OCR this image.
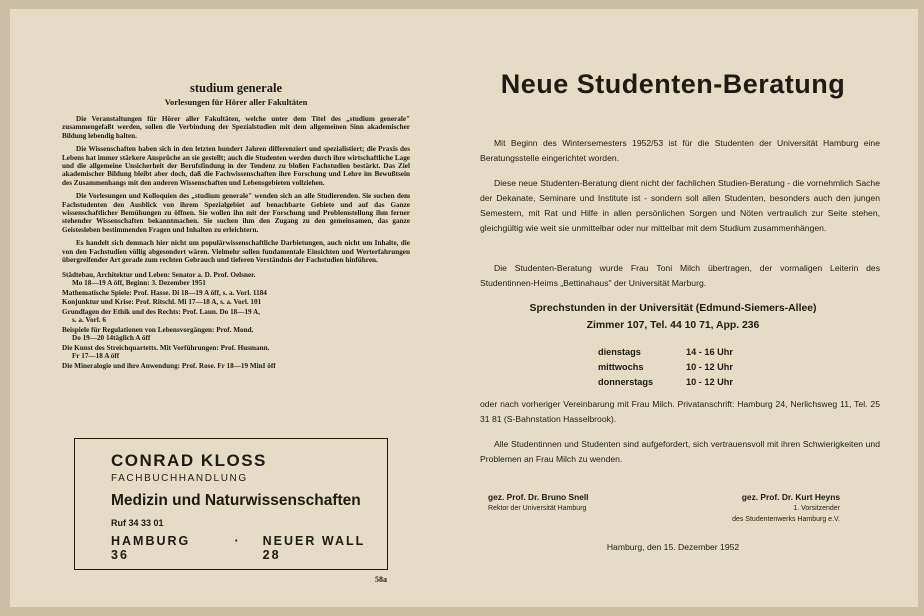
studium generale

Vorlesungen für Hörer aller Fakultäten

Die Veranstaltungen für Hörer aller Fakultäten, welche unter dem Titel des „studium generale" zusammengefaßt werden, sollen die Verbindung der Spezialstudien mit dem allgemeinen Sinn akademischer Bildung lebendig halten.

Die Wissenschaften haben sich in den letzten hundert Jahren differenziert und spezialistiert; die Praxis des Lebens hat immer stärkere Ansprüche an sie gestellt; auch die Studenten werden durch ihre wirtschaftliche Lage und die allgemeine Unsicherheit der Berufsfindung in der Tendenz zu bloßen Fachstudien bestärkt. Das Ziel akademischer Bildung bleibt aber doch, daß die Fachwissenschaften ihre Forschung und Lehre im Bewußtsein des Zusammenhangs mit den anderen Wissenschaften und Lebensgebieten vollziehen.

Die Vorlesungen und Kolloquien des „studium generale" wenden sich an alle Studierenden. Sie suchen dem Fachstudenten den Ausblick von ihrem Spezialgebiet auf benachbarte Gebiete und auf das Ganze wissenschaftlicher Bemühungen zu öffnen. Sie wollen ihn mit der Forschung und Problemstellung ihm ferner stehender Wissenschaften bekanntmachen. Sie suchen ihm den Zugang zu den gemeinsamen, das ganze Geistesleben bestimmenden Fragen und Inhalten zu erleichtern.

Es handelt sich demnach hier nicht um populärwissenschaftliche Darbietungen, auch nicht um Inhalte, die von den Fachstudien völlig abgesondert wären. Vielmehr sollen fundamentale Einsichten und Werterfahrungen übergreifender Art gerade zum rechten Gebrauch und tieferen Verständnis der Fachstudien hinführen.

Städtebau, Architektur und Leben: Senator a. D. Prof. Oelsner.
Mo 18—19 A öff, Beginn: 3. Dezember 1951
Mathematische Spiele: Prof. Hasse. Di 18—19 A öff, s. a. Vorl. 1184
Konjunktur und Krise: Prof. Ritschl. Mi 17—18 A, s. a. Vorl. 101
Grundlagen der Ethik und des Rechts: Prof. Laun. Do 18—19 A,
s. a. Vorl. 6
Beispiele für Regulationen von Lebensvorgängen: Prof. Mond.
Do 19—20 14täglich A öff
Die Kunst des Streichquartetts. Mit Vorführungen: Prof. Husmann.
Fr 17—18 A öff
Die Mineralogie und ihre Anwendung: Prof. Rose. Fr 18—19 MinI öff

CONRAD KLOSS

FACHBUCHHANDLUNG

Medizin und Naturwissenschaften

Ruf 34 33 01

HAMBURG 36
· NEUER WALL 28

58a
Neue Studenten-Beratung

Mit Beginn des Wintersemesters 1952/53 ist für die Studenten der Universität Hamburg eine Beratungsstelle eingerichtet worden.

Diese neue Studenten-Beratung dient nicht der fachlichen Studien-Beratung - die vornehmlich Sache der Dekanate, Seminare und Institute ist - sondern soll allen Studenten, besonders auch den jungen Semestern, mit Rat und Hilfe in allen persönlichen Sorgen und Nöten vertraulich zur Seite stehen, gleichgültig wie weit sie unmittelbar oder nur mittelbar mit dem Studium zusammenhängen.

Die Studenten-Beratung wurde Frau Toni Milch übertragen, der vormaligen Leiterin des Studentinnen-Heims „Bettinahaus" der Universität Marburg.

Sprechstunden in der Universität (Edmund-Siemers-Allee)
Zimmer 107, Tel. 44 10 71, App. 236
dienstags	14 - 16 Uhr
mittwochs	10 - 12 Uhr
donnerstags	10 - 12 Uhr

oder nach vorheriger Vereinbarung mit Frau Milch. Privatanschrift: Hamburg 24, Nerlichsweg 11, Tel. 25 31 81 (S-Bahnstation Hasselbrook).

Alle Studentinnen und Studenten sind aufgefordert, sich vertrauensvoll mit ihren Schwierigkeiten und Problemen an Frau Milch zu wenden.

gez. Prof. Dr. Bruno Snell
Rektor der Universität Hamburg
gez. Prof. Dr. Kurt Heyns
1. Vorsitzender
des Studentenwerks Hamburg e.V.
Hamburg, den 15. Dezember 1952
